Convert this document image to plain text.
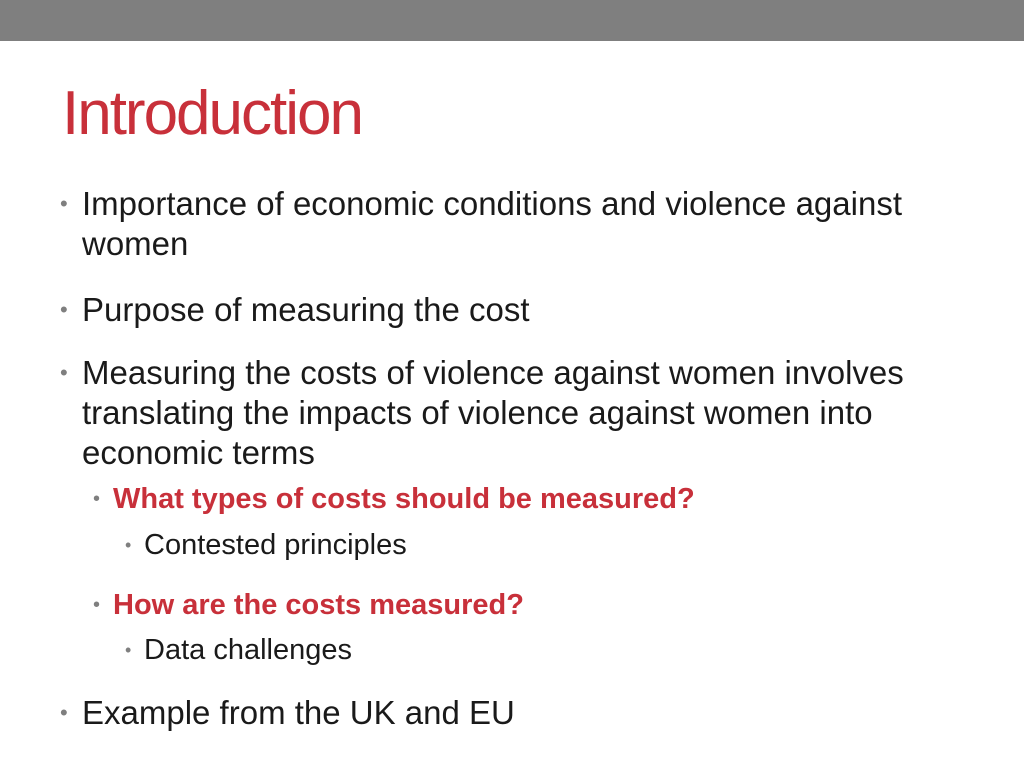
Introduction
• Importance of economic conditions and violence against women
• Purpose of measuring the cost
• Measuring the costs of violence against women involves translating the impacts of violence against women into economic terms
• What types of costs should be measured?
• Contested principles
• How are the costs measured?
• Data challenges
• Example from the UK and EU
